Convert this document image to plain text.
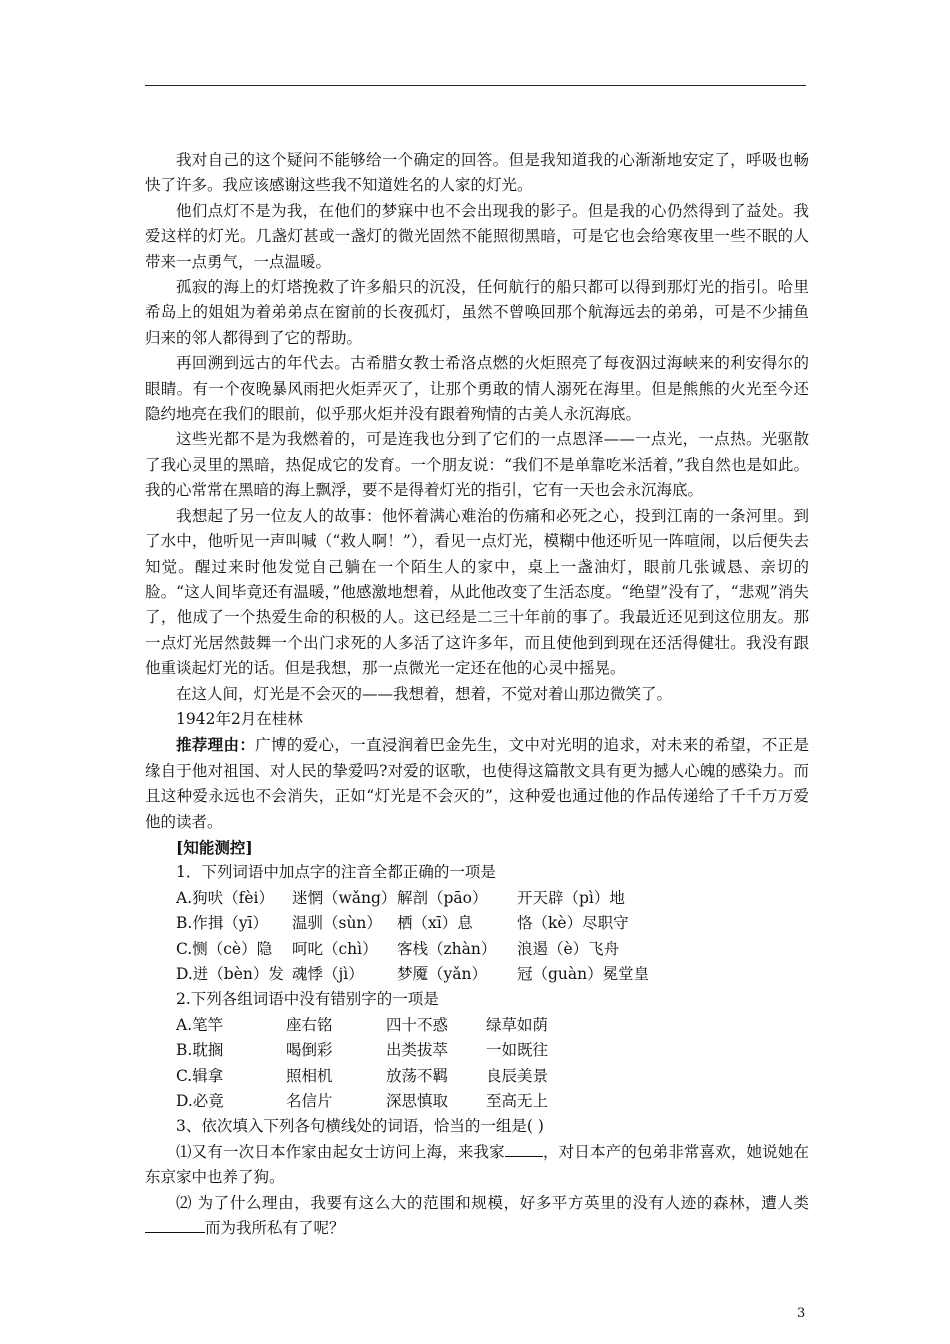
我对自己的这个疑问不能够给一个确定的回答。但是我知道我的心渐渐地安定了，呼吸也畅快了许多。我应该感谢这些我不知道姓名的人家的灯光。

他们点灯不是为我，在他们的梦寐中也不会出现我的影子。但是我的心仍然得到了益处。我爱这样的灯光。几盏灯甚或一盏灯的微光固然不能照彻黑暗，可是它也会给寒夜里一些不眠的人带来一点勇气，一点温暖。

孤寂的海上的灯塔挽救了许多船只的沉没，任何航行的船只都可以得到那灯光的指引。哈里希岛上的姐姐为着弟弟点在窗前的长夜孤灯，虽然不曾唤回那个航海远去的弟弟，可是不少捕鱼归来的邻人都得到了它的帮助。

再回溯到远古的年代去。古希腊女教士希洛点燃的火炬照亮了每夜泅过海峡来的利安得尔的眼睛。有一个夜晚暴风雨把火炬弄灭了，让那个勇敢的情人溺死在海里。但是熊熊的火光至今还隐约地亮在我们的眼前，似乎那火炬并没有跟着殉情的古美人永沉海底。

这些光都不是为我燃着的，可是连我也分到了它们的一点恩泽——一点光，一点热。光驱散了我心灵里的黑暗，热促成它的发育。一个朋友说：“我们不是单靠吃米活着，”我自然也是如此。我的心常常在黑暗的海上飘浮，要不是得着灯光的指引，它有一天也会永沉海底。

我想起了另一位友人的故事：他怀着满心难治的伤痛和必死之心，投到江南的一条河里。到了水中，他听见一声叫喊（“救人啊！”），看见一点灯光，模糊中他还听见一阵喧闹，以后便失去知觉。醒过来时他发觉自己躺在一个陌生人的家中，桌上一盏油灯，眼前几张诚恳、亲切的脸。“这人间毕竟还有温暖，”他感激地想着，从此他改变了生活态度。“绝望”没有了，“悲观”消失了，他成了一个热爱生命的积极的人。这已经是二三十年前的事了。我最近还见到这位朋友。那一点灯光居然鼓舞一个出门求死的人多活了这许多年，而且使他到到现在还活得健壮。我没有跟他重谈起灯光的话。但是我想，那一点微光一定还在他的心灵中摇晃。

在这人间，灯光是不会灭的——我想着，想着，不觉对着山那边微笑了。

1942年2月在桂林

推荐理由：广博的爱心，一直浸润着巴金先生，文中对光明的追求，对未来的希望，不正是缘自于他对祖国、对人民的挚爱吗?对爱的讴歌，也使得这篇散文具有更为撼人心魄的感染力。而且这种爱永远也不会消失，正如“灯光是不会灭的”，这种爱也通过他的作品传递给了千千万万爱他的读者。

[知能测控]

1．下列词语中加点字的注音全都正确的一项是

A.狗吠（fèi） 迷惘（wǎng）解剖（pāo） 开天辟（pì）地

B.作揖（yī） 温驯（sùn） 栖（xī）息	恪（kè）尽职守

C.恻（cè）隐 呵叱（chì） 客栈（zhàn） 浪遏（è）飞舟

D.迸（bèn）发 魂悸（jì） 梦魇（yǎn） 冠（guàn）冕堂皇

2.下列各组词语中没有错别字的一项是

A.笔竿	座右铭	四十不惑 绿草如荫

B.耽搁	喝倒彩	出类拔萃 一如既往

C.辑拿	照相机	放荡不羁 良辰美景

D.必竟	名信片	深思慎取 至高无上

3、依次填入下列各句横线处的词语，恰当的一组是( )

⑴又有一次日本作家由起女士访问上海，来我家 ，对日本产的包弟非常喜欢，她说她在东京家中也养了狗。

⑵ 为了什么理由，我要有这么大的范围和规模，好多平方英里的没有人迹的森林，遭人类而为我所私有了呢？

3
